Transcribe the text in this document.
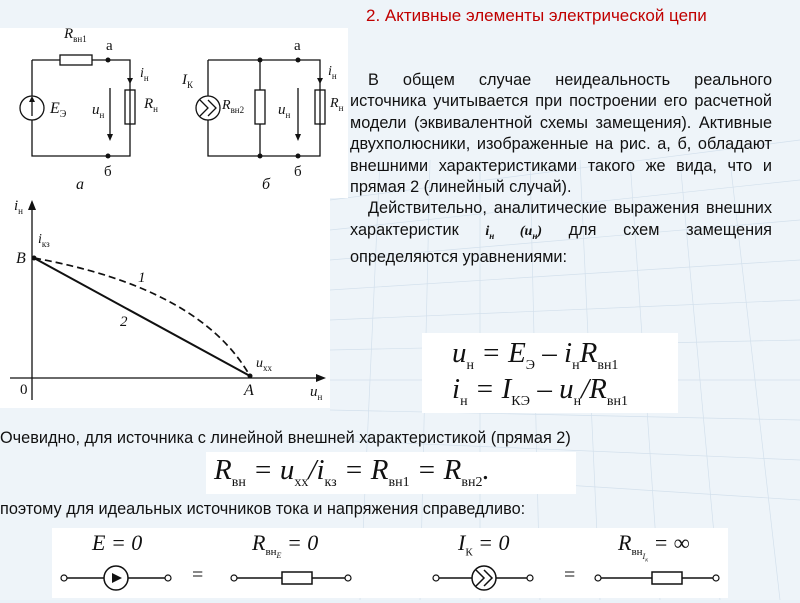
2. Активные элементы электрической цепи
$R_{вн1}$ а
б
$i_н$
$u_н$
$R_н$
$E_Э$
а
$I_К$
$R_{вн2}$
а
б
$i_н$
$u_н$
$R_н$
б
$i_н$
$u_н$
0
B
A
$i_{кз}$
$u_{хх}$
1
2

В общем случае неидеальность реального источника учитывается при построении его расчетной модели (эквивалентной схемы замещения). Активные двухполюсники, изображенные на рис. а, б, обладают внешними характеристиками такого же вида, что и прямая 2 (линейный случай).

Действительно, аналитические выражения внешних характеристик $i_н$ $(u_н)$ для схем замещения определяются уравнениями:

$u_н = E_Э - i_нR_{вн1}$
$i_н = I_{КЭ} - u_н/R_{вн1}$
Очевидно, для источника с линейной внешней характеристикой (прямая 2)
$R_{вн} = u_{хх}/i_{кз} = R_{вн1} = R_{вн2}$.
поэтому для идеальных источников тока и напряжения справедливо:
E = 0	$R_{вн_E} = 0$
=
$I_К = 0$
=
$R_{вн_{I_к}}$ = ∞
